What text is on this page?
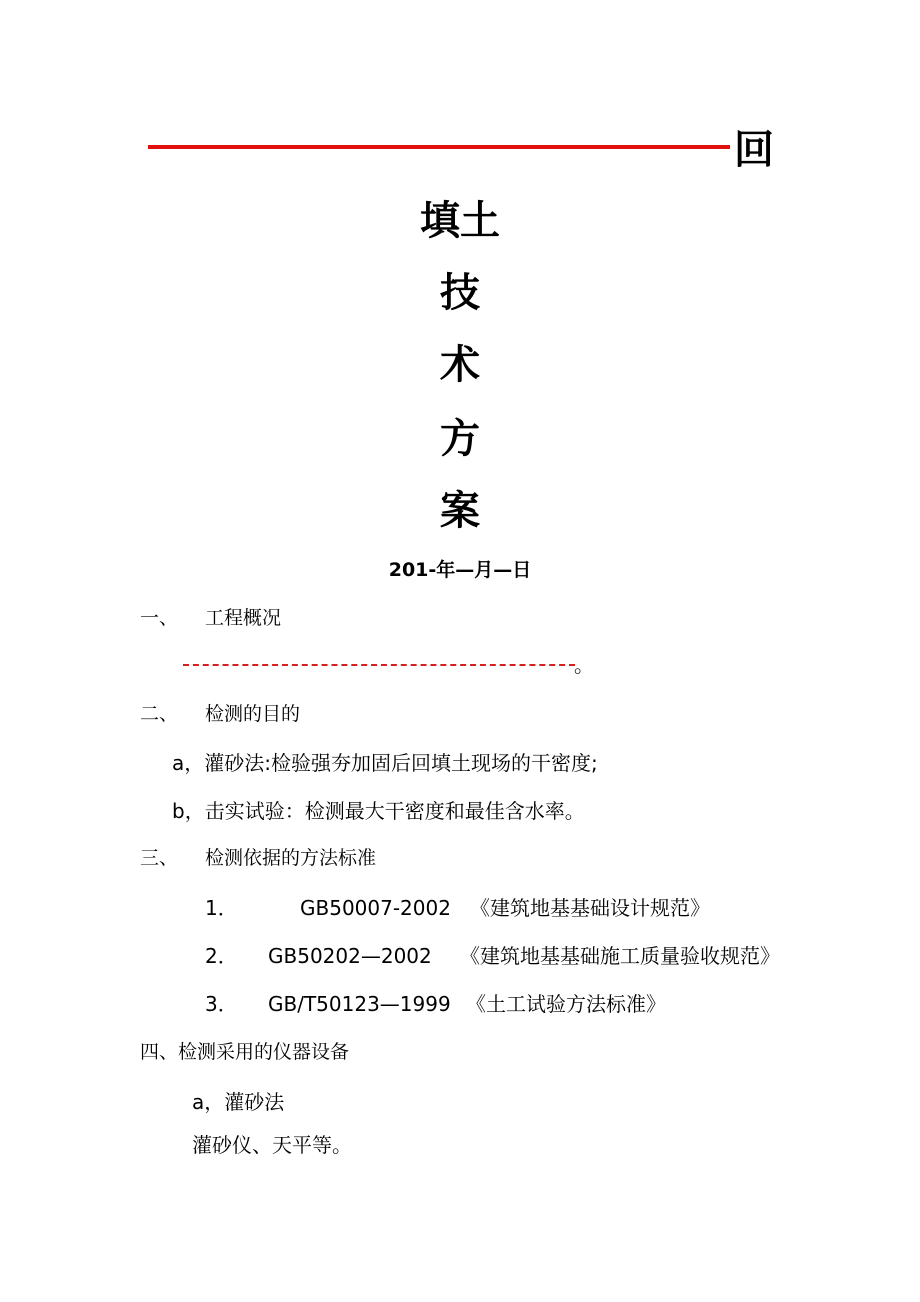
回
填土
技
术
方
案
201-年—月—日
一、 工程概况
。
二、 检测的目的
a，灌砂法:检验强夯加固后回填土现场的干密度;
b，击实试验：检测最大干密度和最佳含水率。
三、 检测依据的方法标准
1．	GB50007-2002 《建筑地基基础设计规范》
2． GB50202—2002 《建筑地基基础施工质量验收规范》
3． GB/T50123—1999 《土工试验方法标准》
四、检测采用的仪器设备
a，灌砂法
灌砂仪、天平等。
